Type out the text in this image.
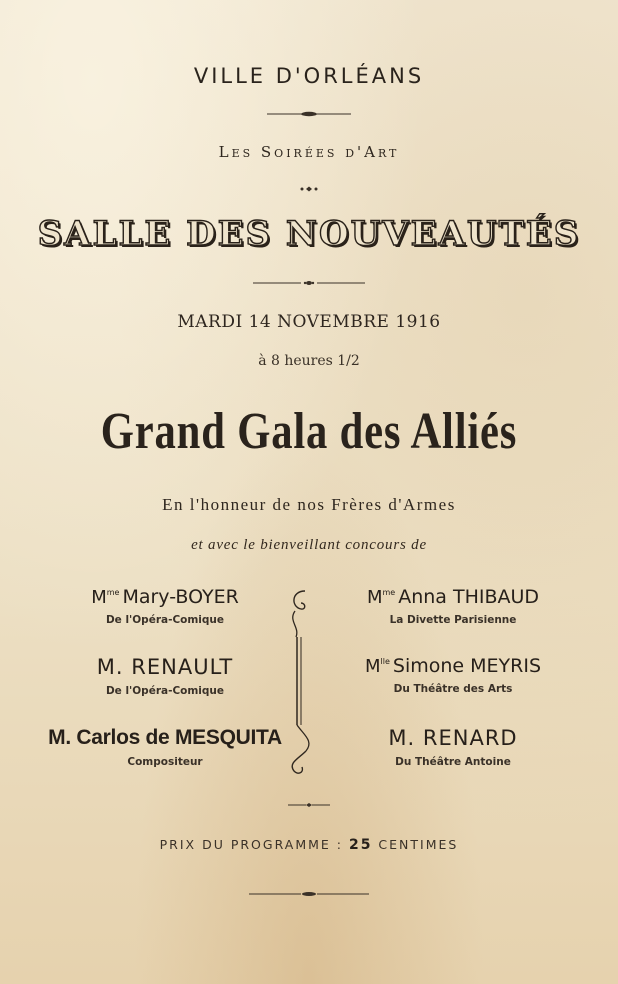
VILLE D'ORLÉANS
Les Soirées d'Art
SALLE DES NOUVEAUTÉS
MARDI 14 NOVEMBRE 1916
à 8 heures 1/2
Grand Gala des Alliés
En l'honneur de nos Frères d'Armes
et avec le bienveillant concours de

$M^{me}$ Mary-BOYER

De l'Opéra-Comique

M. RENAULT

De l'Opéra-Comique

M. Carlos de MESQUITA

Compositeur

$M^{me}$ Anna THIBAUD

La Divette Parisienne

$M^{lle}$ Simone MEYRIS

Du Théâtre des Arts

M. RENARD

Du Théâtre Antoine

PRIX DU PROGRAMME : 25 CENTIMES
